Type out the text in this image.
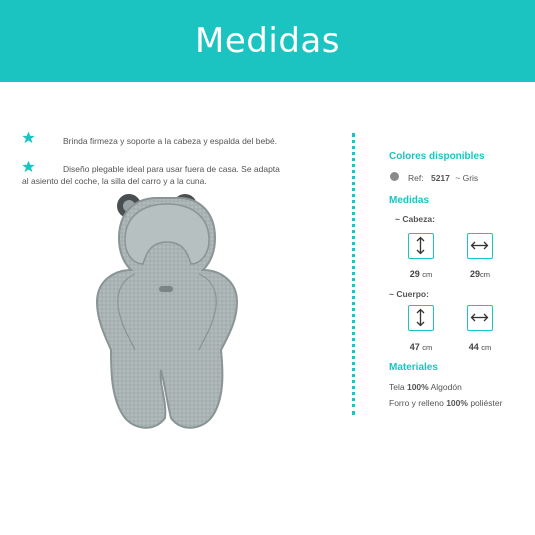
Medidas
Brinda firmeza y soporte a la cabeza y espalda del bebé.
Diseño plegable ideal para usar fuera de casa. Se adapta
al asiento del coche, la silla del carro y a la cuna.
Colores disponibles
Ref: 5217 ~ Gris
Medidas
~ Cabeza:
29 cm	29cm
~ Cuerpo:
47 cm	44 cm
Materiales
Tela 100% Algodón
Forro y relleno 100% poliéster
